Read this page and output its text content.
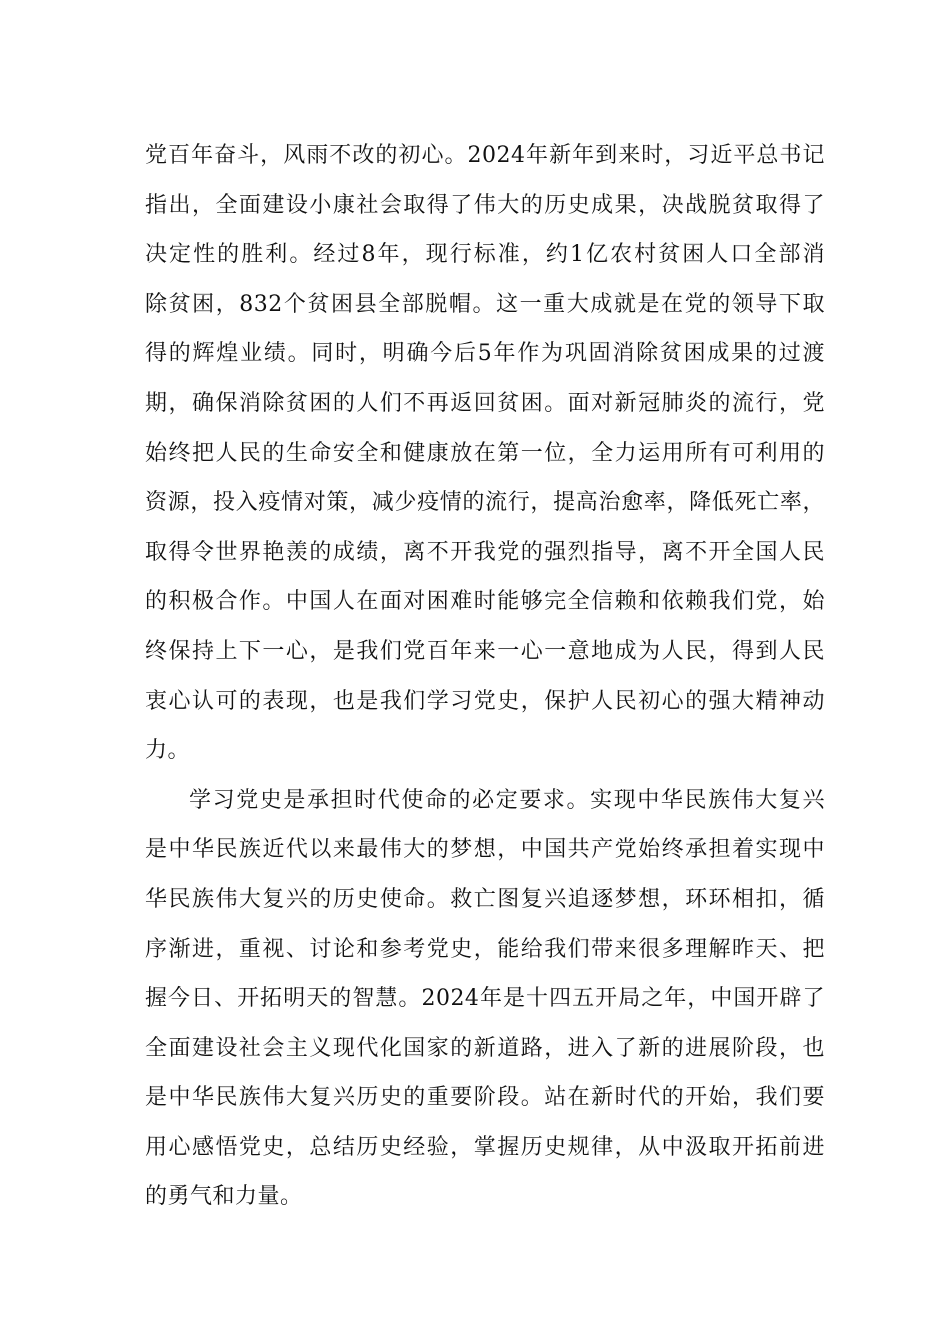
党百年奋斗，风雨不改的初心。2024年新年到来时，习近平总书记
指出，全面建设小康社会取得了伟大的历史成果，决战脱贫取得了
决定性的胜利。经过8年，现行标准，约1亿农村贫困人口全部消
除贫困，832个贫困县全部脱帽。这一重大成就是在党的领导下取
得的辉煌业绩。同时，明确今后5年作为巩固消除贫困成果的过渡
期，确保消除贫困的人们不再返回贫困。面对新冠肺炎的流行，党
始终把人民的生命安全和健康放在第一位，全力运用所有可利用的
资源，投入疫情对策，减少疫情的流行，提高治愈率，降低死亡率，
取得令世界艳羡的成绩，离不开我党的强烈指导，离不开全国人民
的积极合作。中国人在面对困难时能够完全信赖和依赖我们党，始
终保持上下一心，是我们党百年来一心一意地成为人民，得到人民
衷心认可的表现，也是我们学习党史，保护人民初心的强大精神动
力。
学习党史是承担时代使命的必定要求。实现中华民族伟大复兴
是中华民族近代以来最伟大的梦想，中国共产党始终承担着实现中
华民族伟大复兴的历史使命。救亡图复兴追逐梦想，环环相扣，循
序渐进，重视、讨论和参考党史，能给我们带来很多理解昨天、把
握今日、开拓明天的智慧。2024年是十四五开局之年，中国开辟了
全面建设社会主义现代化国家的新道路，进入了新的进展阶段，也
是中华民族伟大复兴历史的重要阶段。站在新时代的开始，我们要
用心感悟党史，总结历史经验，掌握历史规律，从中汲取开拓前进
的勇气和力量。
